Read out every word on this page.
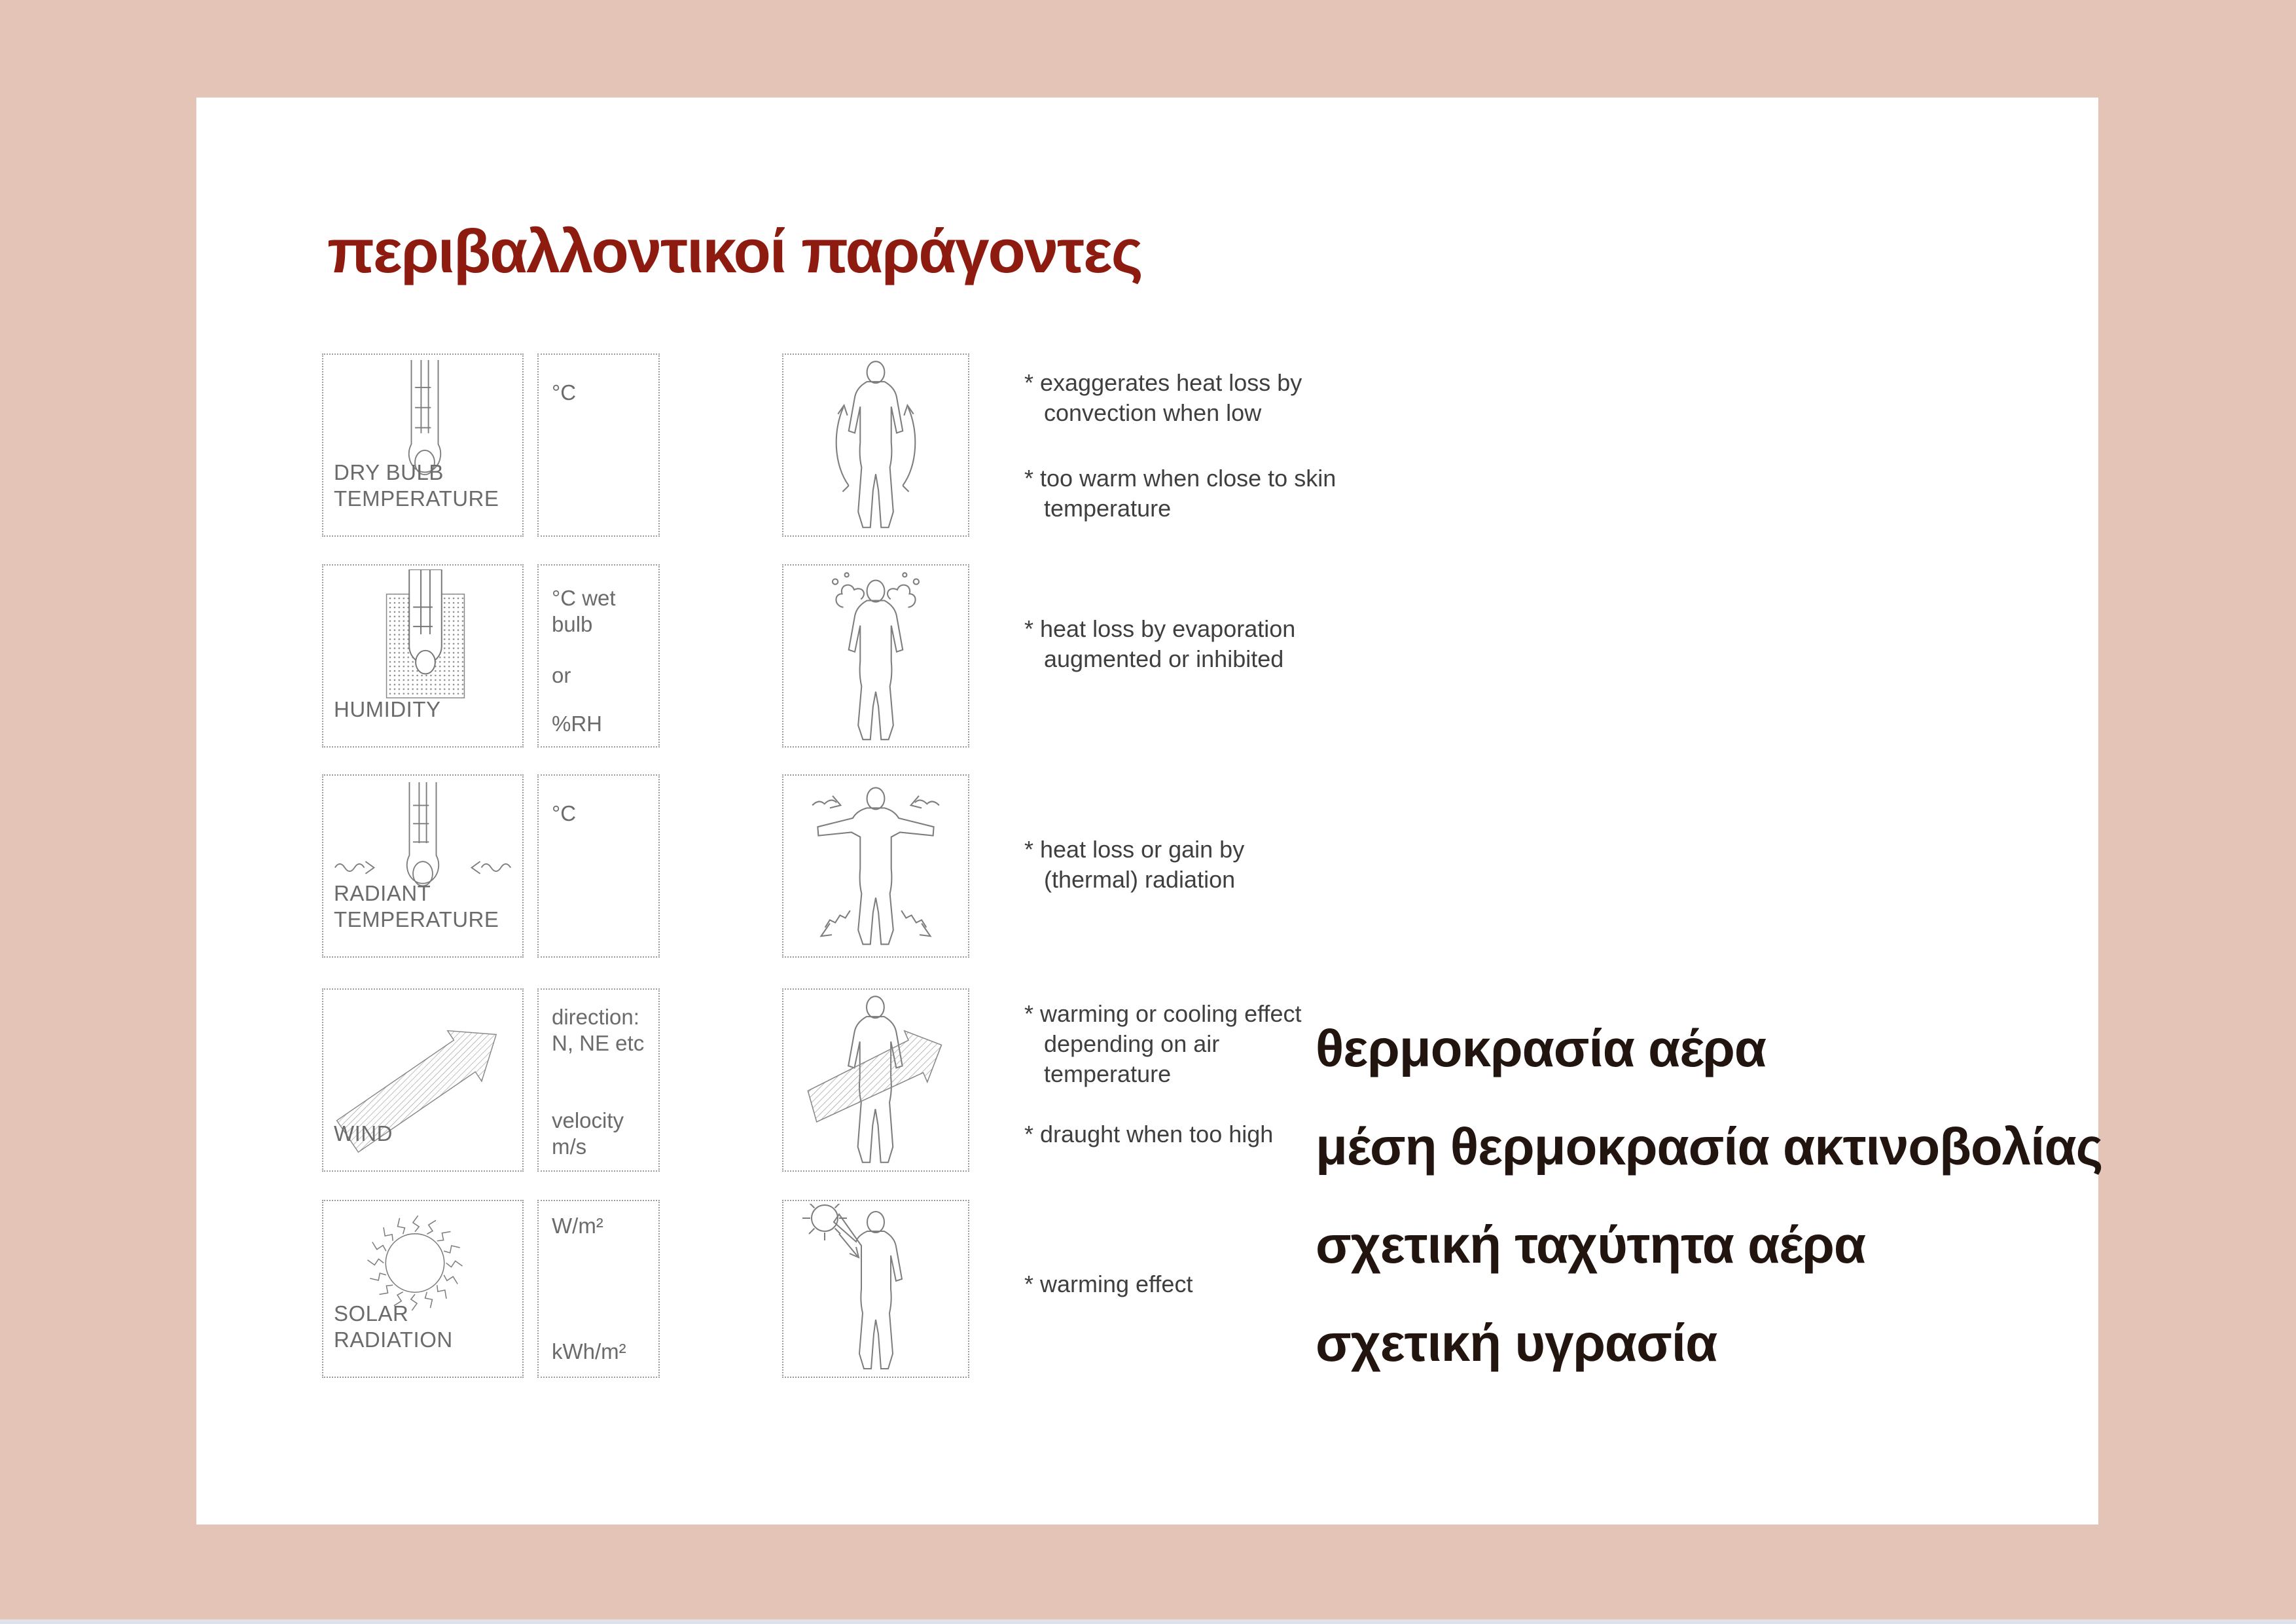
περιβαλλοντικοί παράγοντες
DRY BULB TEMPERATURE
°C	* exaggerates heat loss by convection when low
* too warm when close to skin temperature
HUMIDITY
°C wet bulb
or
%RH
* heat loss by evaporation augmented or inhibited
RADIANT TEMPERATURE
°C
* heat loss or gain by (thermal) radiation
WIND
direction: N, NE etc
velocity m/s
* warming or cooling effect depending on air temperature
* draught when too high
SOLAR RADIATION
W/m²
kWh/m²
* warming effect
θερμοκρασία αέρα
μέση θερμοκρασία ακτινοβολίας
σχετική ταχύτητα αέρα
σχετική υγρασία
